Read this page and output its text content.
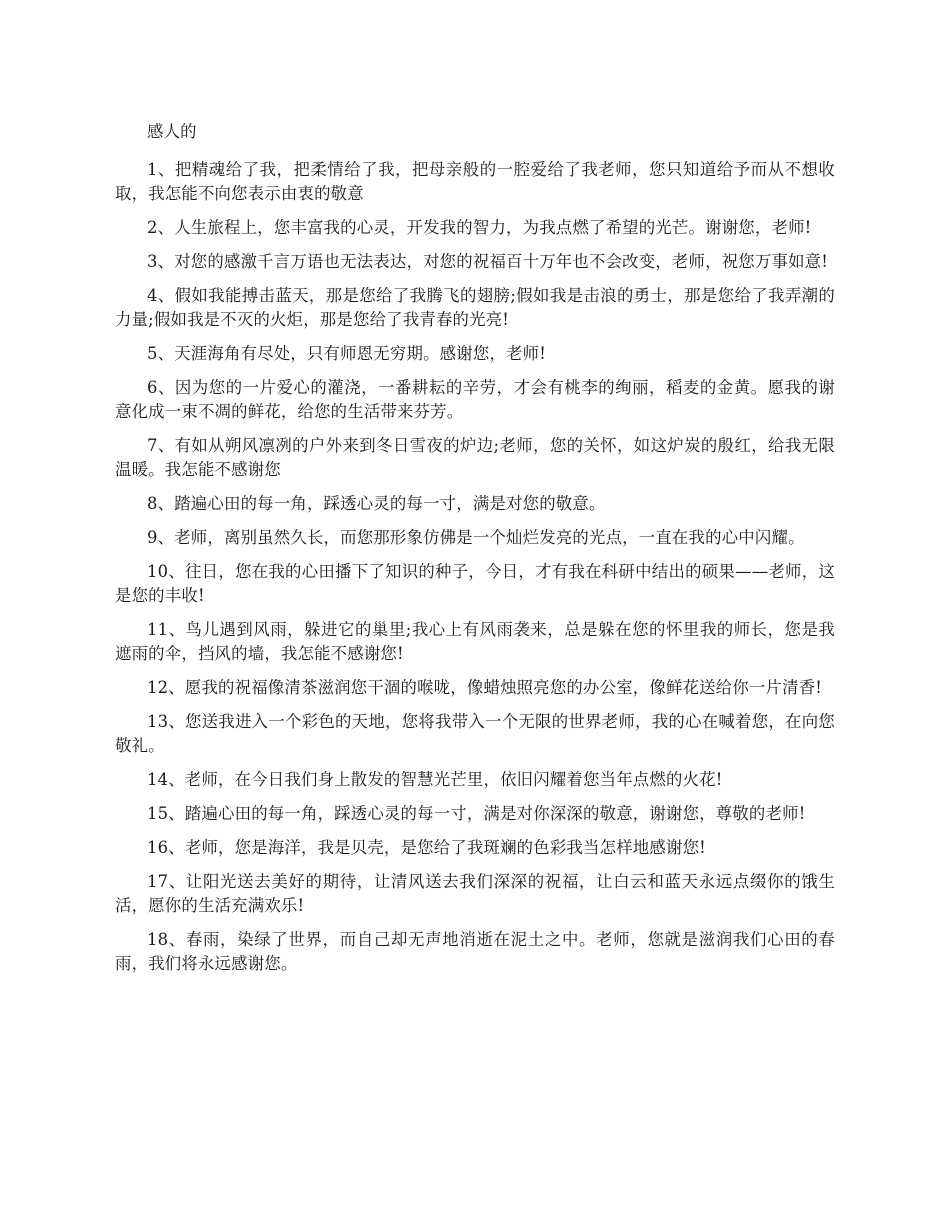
感人的

1、把精魂给了我，把柔情给了我，把母亲般的一腔爱给了我老师，您只知道给予而从不想收取，我怎能不向您表示由衷的敬意

2、人生旅程上，您丰富我的心灵，开发我的智力，为我点燃了希望的光芒。谢谢您，老师!

3、对您的感激千言万语也无法表达，对您的祝福百十万年也不会改变，老师，祝您万事如意!

4、假如我能搏击蓝天，那是您给了我腾飞的翅膀;假如我是击浪的勇士，那是您给了我弄潮的力量;假如我是不灭的火炬，那是您给了我青春的光亮!

5、天涯海角有尽处，只有师恩无穷期。感谢您，老师!

6、因为您的一片爱心的灌浇，一番耕耘的辛劳，才会有桃李的绚丽，稻麦的金黄。愿我的谢意化成一束不凋的鲜花，给您的生活带来芬芳。

7、有如从朔风凛冽的户外来到冬日雪夜的炉边;老师，您的关怀，如这炉炭的殷红，给我无限温暖。我怎能不感谢您

8、踏遍心田的每一角，踩透心灵的每一寸，满是对您的敬意。

9、老师，离别虽然久长，而您那形象仿佛是一个灿烂发亮的光点，一直在我的心中闪耀。

10、往日，您在我的心田播下了知识的种子，今日，才有我在科研中结出的硕果——老师，这是您的丰收!

11、鸟儿遇到风雨，躲进它的巢里;我心上有风雨袭来，总是躲在您的怀里我的师长，您是我遮雨的伞，挡风的墙，我怎能不感谢您!

12、愿我的祝福像清茶滋润您干涸的喉咙，像蜡烛照亮您的办公室，像鲜花送给你一片清香!

13、您送我进入一个彩色的天地，您将我带入一个无限的世界老师，我的心在喊着您，在向您敬礼。

14、老师，在今日我们身上散发的智慧光芒里，依旧闪耀着您当年点燃的火花!

15、踏遍心田的每一角，踩透心灵的每一寸，满是对你深深的敬意，谢谢您，尊敬的老师!

16、老师，您是海洋，我是贝壳，是您给了我斑斓的色彩我当怎样地感谢您!

17、让阳光送去美好的期待，让清风送去我们深深的祝福，让白云和蓝天永远点缀你的饿生活，愿你的生活充满欢乐!

18、春雨，染绿了世界，而自己却无声地消逝在泥土之中。老师，您就是滋润我们心田的春雨，我们将永远感谢您。
